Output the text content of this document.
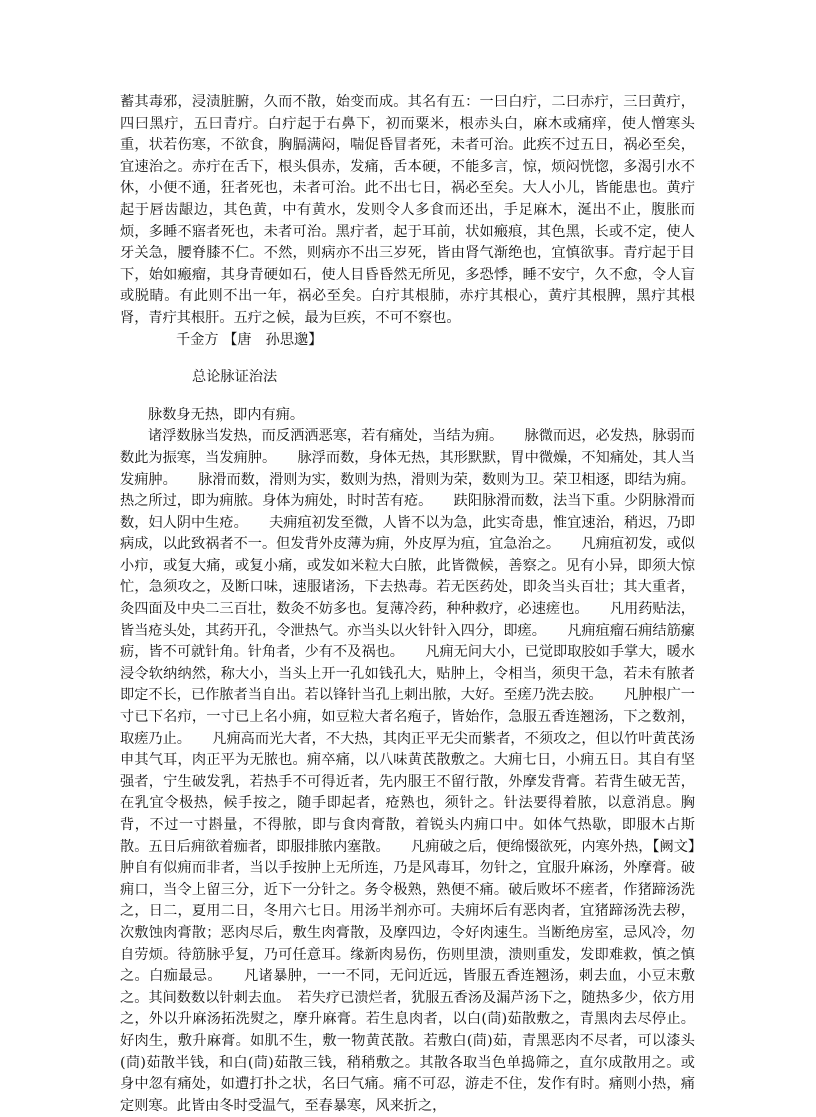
蓄其毒邪，浸渍脏腑，久而不散，始变而成。其名有五：一曰白疔，二曰赤疔，三曰黄疔，四曰黑疔，五曰青疔。白疔起于右鼻下，初而粟米，根赤头白，麻木或痛痒，使人憎寒头重，状若伤寒，不欲食，胸膈满闷，喘促昏冒者死，未者可治。此疾不过五日，祸必至矣，宜速治之。赤疔在舌下，根头俱赤，发痛，舌本硬，不能多言，惊，烦闷恍惚，多渴引水不休，小便不通，狂者死也，未者可治。此不出七日，祸必至矣。大人小儿，皆能患也。黄疔起于唇齿龈边，其色黄，中有黄水，发则令人多食而还出，手足麻木，涎出不止，腹胀而烦，多睡不寤者死也，未者可治。黑疔者，起于耳前，状如瘢痕，其色黑，长或不定，使人牙关急，腰脊膝不仁。不然，则病亦不出三岁死，皆由肾气渐绝也，宜慎欲事。青疔起于目下，始如瘢瘤，其身青硬如石，使人目昏昏然无所见，多恐悸，睡不安宁，久不愈，令人盲或脱睛。有此则不出一年，祸必至矣。白疔其根肺，赤疔其根心，黄疔其根脾，黑疔其根肾，青疔其根肝。五疔之候，最为巨疾，不可不察也。

千金方 【唐　孙思邈】

总论脉证治法

脉数身无热，即内有痈。

诸浮数脉当发热，而反洒洒恶寒，若有痛处，当结为痈。　　脉微而迟，必发热，脉弱而数此为振寒，当发痈肿。　　脉浮而数，身体无热，其形默默，胃中微燥，不知痛处，其人当发痈肿。　　脉滑而数，滑则为实，数则为热，滑则为荣，数则为卫。荣卫相逐，即结为痈。热之所过，即为痈脓。身体为痈处，时时苦有疮。　　趺阳脉滑而数，法当下重。少阴脉滑而数，妇人阴中生疮。　　夫痈疽初发至微，人皆不以为急，此实奇患，惟宜速治，稍迟，乃即病成，以此致祸者不一。但发背外皮薄为痈，外皮厚为疽，宜急治之。　　凡痈疽初发，或似小疖，或复大痛，或复小痛，或发如米粒大白脓，此皆微候，善察之。见有小异，即须大惊忙，急须攻之，及断口味，速服诸汤，下去热毒。若无医药处，即灸当头百壮；其大重者，灸四面及中央二三百壮，数灸不妨多也。复薄冷药，种种救疗，必速瘥也。　　凡用药贴法，皆当疮头处，其药开孔，令泄热气。亦当头以火针针入四分，即瘥。　　凡痈疽瘤石痈结筋瘰疬，皆不可就针角。针角者，少有不及祸也。　　凡痈无问大小，已觉即取胶如手掌大，暖水浸令软纳纳然，称大小，当头上开一孔如钱孔大，贴肿上，令相当，须臾干急，若未有脓者即定不长，已作脓者当自出。若以锋针当孔上刺出脓，大好。至瘥乃洗去胶。　　凡肿根广一寸已下名疖，一寸已上名小痈，如豆粒大者名疱子，皆始作，急服五香连翘汤，下之数剂，取瘥乃止。　　凡痈高而光大者，不大热，其肉正平无尖而紫者，不须攻之，但以竹叶黄芪汤申其气耳，肉正平为无脓也。痈卒痛，以八味黄芪散敷之。大痈七日，小痈五日。其自有坚强者，宁生破发乳，若热手不可得近者，先内服王不留行散，外摩发背膏。若背生破无苦，在乳宜令极热，候手按之，随手即起者，疮熟也，须针之。针法要得着脓，以意消息。胸背，不过一寸斟量，不得脓，即与食肉膏散，着锐头内痈口中。如体气热歇，即服木占斯散。五日后痈欲着痂者，即服排脓内塞散。　　凡痈破之后，便绵惙欲死，内寒外热，【阙文】　肿自有似痈而非者，当以手按肿上无所连，乃是风毒耳，勿针之，宜服升麻汤，外摩膏。破痈口，当令上留三分，近下一分针之。务令极熟，熟便不痛。破后败坏不瘥者，作猪蹄汤洗之，日二，夏用二日，冬用六七日。用汤半剂亦可。夫痈坏后有恶肉者，宜猪蹄汤洗去秽，次敷蚀肉膏散；恶肉尽后，敷生肉膏散，及摩四边，令好肉速生。当断绝房室，忌风冷，勿自劳烦。待筋脉乎复，乃可任意耳。缘新肉易伤，伤则里溃，溃则重发，发即难救，慎之慎之。白痂最忌。　　凡诸暴肿，一一不同，无问近远，皆服五香连翘汤，刺去血，小豆末敷之。其间数数以针刺去血。　若失疗已溃烂者，犹服五香汤及漏芦汤下之，随热多少，依方用之，外以升麻汤拓洗熨之，摩升麻膏。若生息肉者，以白(茼)茹散敷之，青黑肉去尽停止。好肉生，敷升麻膏。如肌不生，敷一物黄芪散。若敷白(茼)茹，青黑恶肉不尽者，可以漆头(茼)茹散半钱，和白(茼)茹散三钱，稍稍敷之。其散各取当色单捣筛之，直尔成散用之。或身中忽有痛处，如遭打扑之状，名曰气痛。痛不可忍，游走不住，发作有时。痛则小热，痛定则寒。此皆由冬时受温气，至春暴寒，风来折之，
